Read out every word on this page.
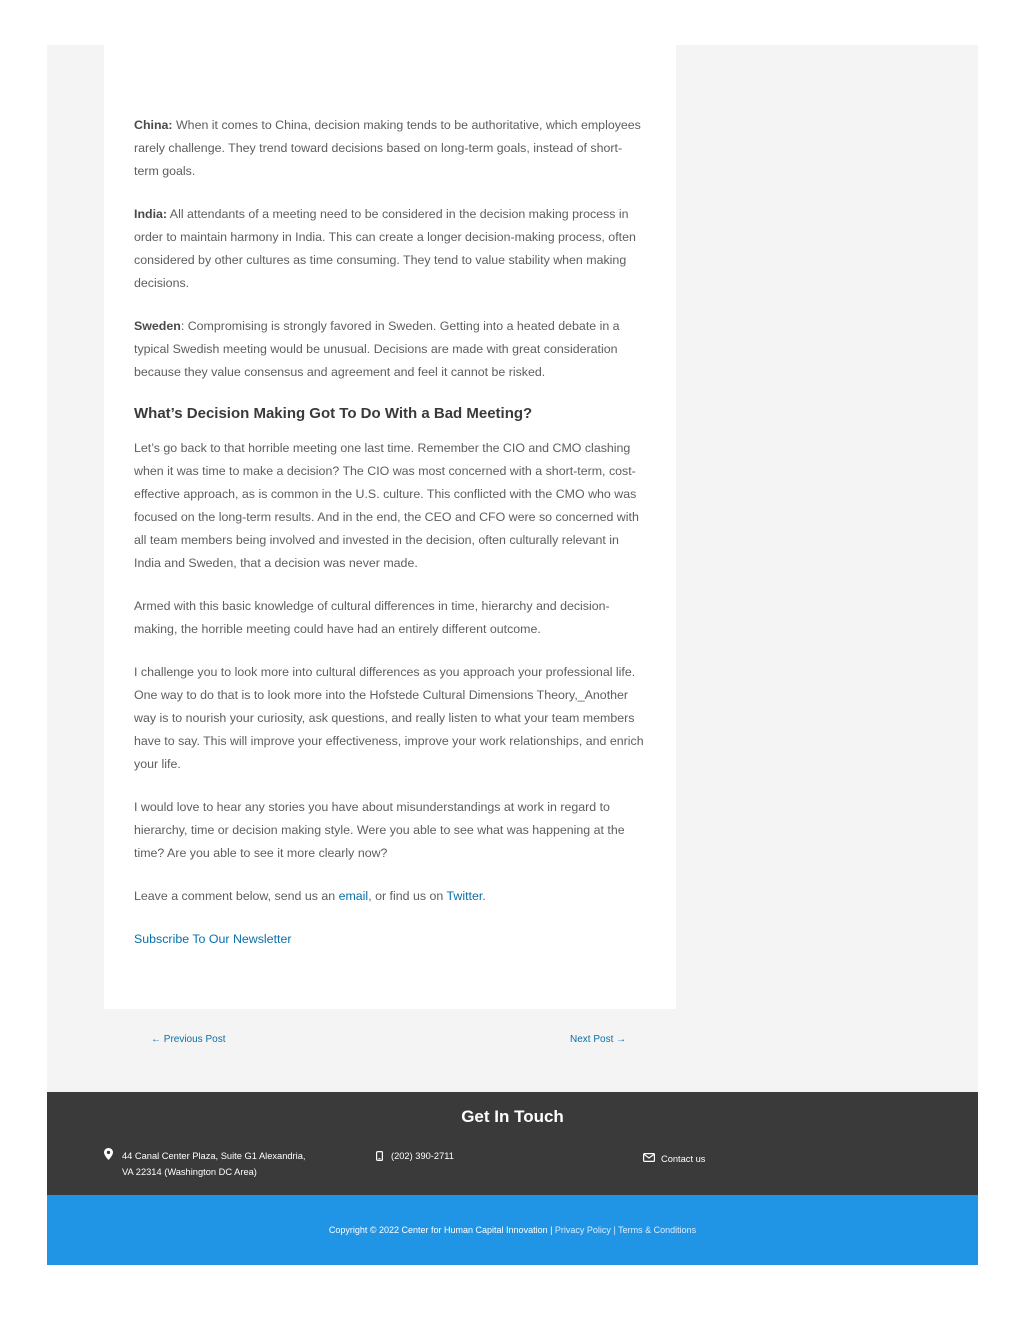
China: When it comes to China, decision making tends to be authoritative, which employees rarely challenge. They trend toward decisions based on long-term goals, instead of short-term goals.

India: All attendants of a meeting need to be considered in the decision making process in order to maintain harmony in India. This can create a longer decision-making process, often considered by other cultures as time consuming. They tend to value stability when making decisions.

Sweden: Compromising is strongly favored in Sweden. Getting into a heated debate in a typical Swedish meeting would be unusual. Decisions are made with great consideration because they value consensus and agreement and feel it cannot be risked.

What’s Decision Making Got To Do With a Bad Meeting?

Let’s go back to that horrible meeting one last time. Remember the CIO and CMO clashing when it was time to make a decision? The CIO was most concerned with a short-term, cost-effective approach, as is common in the U.S. culture. This conflicted with the CMO who was focused on the long-term results. And in the end, the CEO and CFO were so concerned with all team members being involved and invested in the decision, often culturally relevant in India and Sweden, that a decision was never made.

Armed with this basic knowledge of cultural differences in time, hierarchy and decision-making, the horrible meeting could have had an entirely different outcome.

I challenge you to look more into cultural differences as you approach your professional life. One way to do that is to look more into the Hofstede Cultural Dimensions Theory,_Another way is to nourish your curiosity, ask questions, and really listen to what your team members have to say. This will improve your effectiveness, improve your work relationships, and enrich your life.

I would love to hear any stories you have about misunderstandings at work in regard to hierarchy, time or decision making style. Were you able to see what was happening at the time? Are you able to see it more clearly now?

Leave a comment below, send us an email, or find us on Twitter.

Subscribe To Our Newsletter

← Previous Post	Next Post →
Get In Touch
44 Canal Center Plaza, Suite G1 Alexandria,
VA 22314 (Washington DC Area)
(202) 390-2711	Contact us
Copyright © 2022 Center for Human Capital Innovation | Privacy Policy | Terms & Conditions
